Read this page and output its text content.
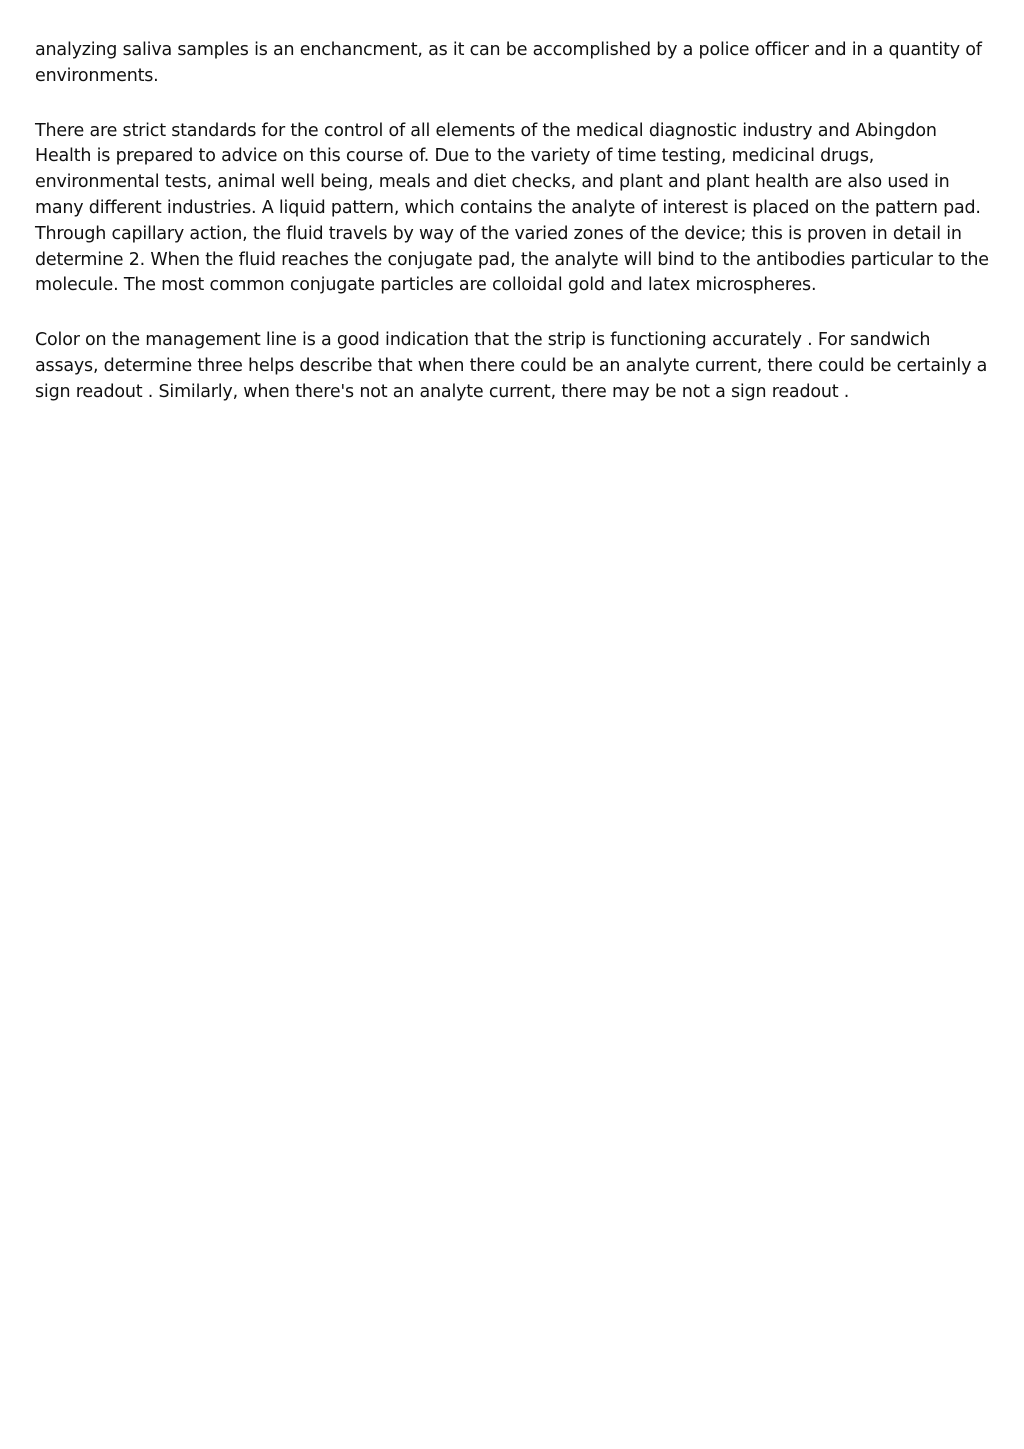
analyzing saliva samples is an enchancment, as it can be accomplished by a police officer and in a quantity of environments.

There are strict standards for the control of all elements of the medical diagnostic industry and Abingdon Health is prepared to advice on this course of. Due to the variety of time testing, medicinal drugs, environmental tests, animal well being, meals and diet checks, and plant and plant health are also used in many different industries. A liquid pattern, which contains the analyte of interest is placed on the pattern pad. Through capillary action, the fluid travels by way of the varied zones of the device; this is proven in detail in determine 2. When the fluid reaches the conjugate pad, the analyte will bind to the antibodies particular to the molecule. The most common conjugate particles are colloidal gold and latex microspheres.

Color on the management line is a good indication that the strip is functioning accurately . For sandwich assays, determine three helps describe that when there could be an analyte current, there could be certainly a sign readout . Similarly, when there's not an analyte current, there may be not a sign readout .
